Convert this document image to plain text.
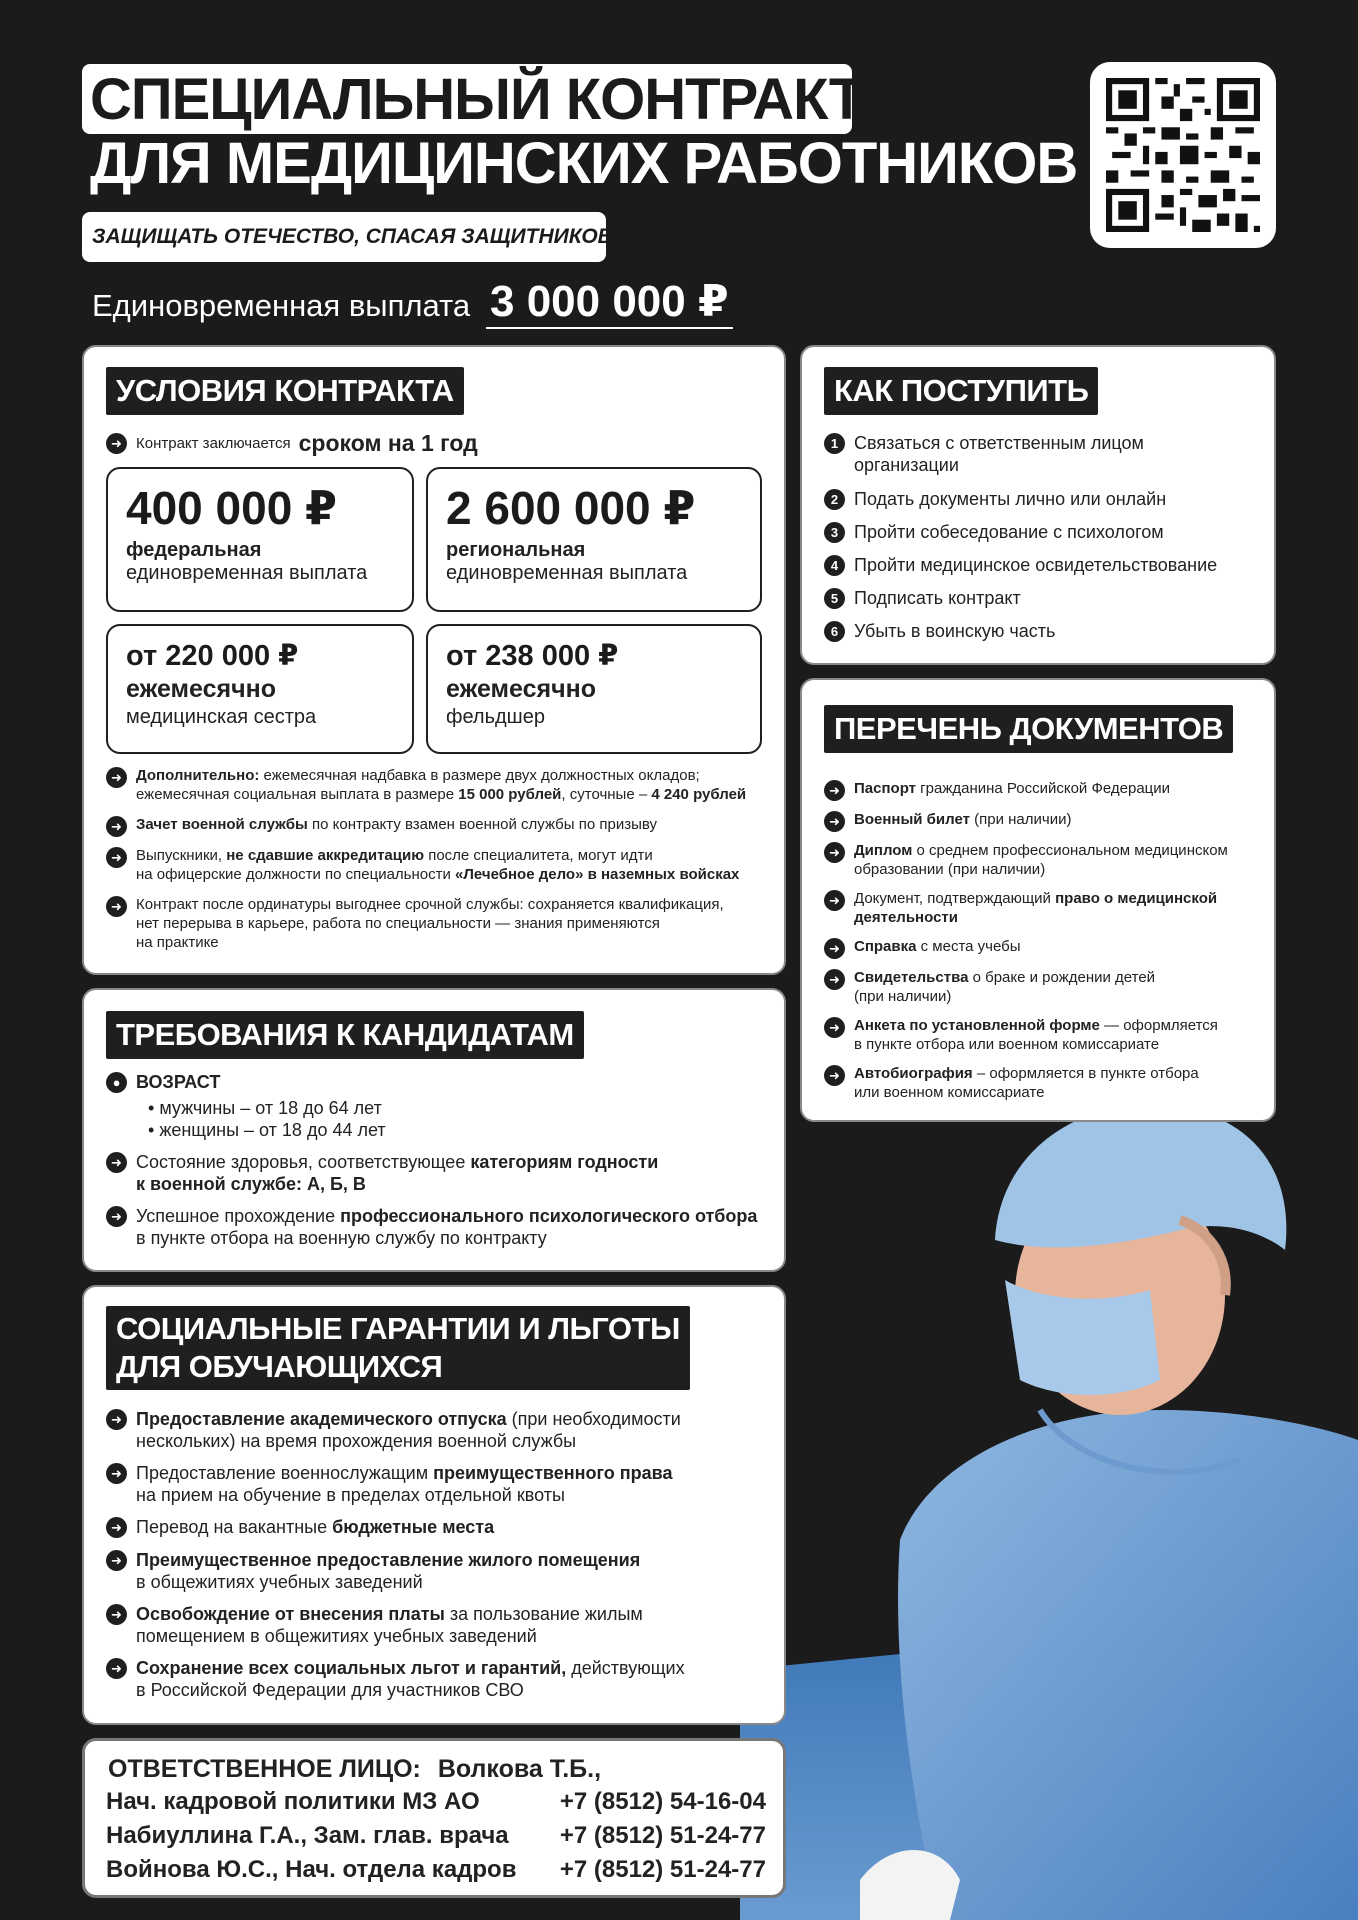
СПЕЦИАЛЬНЫЙ КОНТРАКТ
ДЛЯ МЕДИЦИНСКИХ РАБОТНИКОВ
ЗАЩИЩАТЬ ОТЕЧЕСТВО, СПАСАЯ ЗАЩИТНИКОВ!
Единовременная выплата 3 000 000 ₽
УСЛОВИЯ КОНТРАКТА
➜ Контракт заключается сроком на 1 год
400 000 ₽
федеральная
единовременная выплата
2 600 000 ₽
региональная
единовременная выплата
от 220 000 ₽
ежемесячно
медицинская сестра
от 238 000 ₽
ежемесячно
фельдшер
➜ Дополнительно: ежемесячная надбавка в размере двух должностных окладов;
ежемесячная социальная выплата в размере 15 000 рублей, суточные – 4 240 рублей
➜ Зачет военной службы по контракту взамен военной службы по призыву
➜ Выпускники, не сдавшие аккредитацию после специалитета, могут идти
на офицерские должности по специальности «Лечебное дело» в наземных войсках
➜ Контракт после ординатуры выгоднее срочной службы: сохраняется квалификация,
нет перерыва в карьере, работа по специальности — знания применяются
на практике
КАК ПОСТУПИТЬ
1 Связаться с ответственным лицом
организации
2 Подать документы лично или онлайн
3 Пройти собеседование с психологом
4 Пройти медицинское освидетельствование
5 Подписать контракт
6 Убыть в воинскую часть
ПЕРЕЧЕНЬ ДОКУМЕНТОВ
➜ Паспорт гражданина Российской Федерации
➜ Военный билет (при наличии)
➜ Диплом о среднем профессиональном медицинском
образовании (при наличии)
➜ Документ, подтверждающий право о медицинской
деятельности
➜ Справка с места учебы
➜ Свидетельства о браке и рождении детей
(при наличии)
➜ Анкета по установленной форме — оформляется
в пункте отбора или военном комиссариате
➜ Автобиография – оформляется в пункте отбора
или военном комиссариате
ТРЕБОВАНИЯ К КАНДИДАТАМ
● ВОЗРАСТ
• мужчины – от 18 до 64 лет
• женщины – от 18 до 44 лет
➜ Состояние здоровья, соответствующее категориям годности
к военной службе: А, Б, В
➜ Успешное прохождение профессионального психологического отбора
в пункте отбора на военную службу по контракту
СОЦИАЛЬНЫЕ ГАРАНТИИ И ЛЬГОТЫ
ДЛЯ ОБУЧАЮЩИХСЯ
➜ Предоставление академического отпуска (при необходимости
нескольких) на время прохождения военной службы
➜ Предоставление военнослужащим преимущественного права
на прием на обучение в пределах отдельной квоты
➜ Перевод на вакантные бюджетные места
➜ Преимущественное предоставление жилого помещения
в общежитиях учебных заведений
➜ Освобождение от внесения платы за пользование жилым
помещением в общежитиях учебных заведений
➜ Сохранение всех социальных льгот и гарантий, действующих
в Российской Федерации для участников СВО
ОТВЕТСТВЕННОЕ ЛИЦО: Волкова Т.Б.,
Нач. кадровой политики МЗ АО	+7 (8512) 54-16-04
Набиуллина Г.А., Зам. глав. врача +7 (8512) 51-24-77
Войнова Ю.С., Нач. отдела кадров +7 (8512) 51-24-77
